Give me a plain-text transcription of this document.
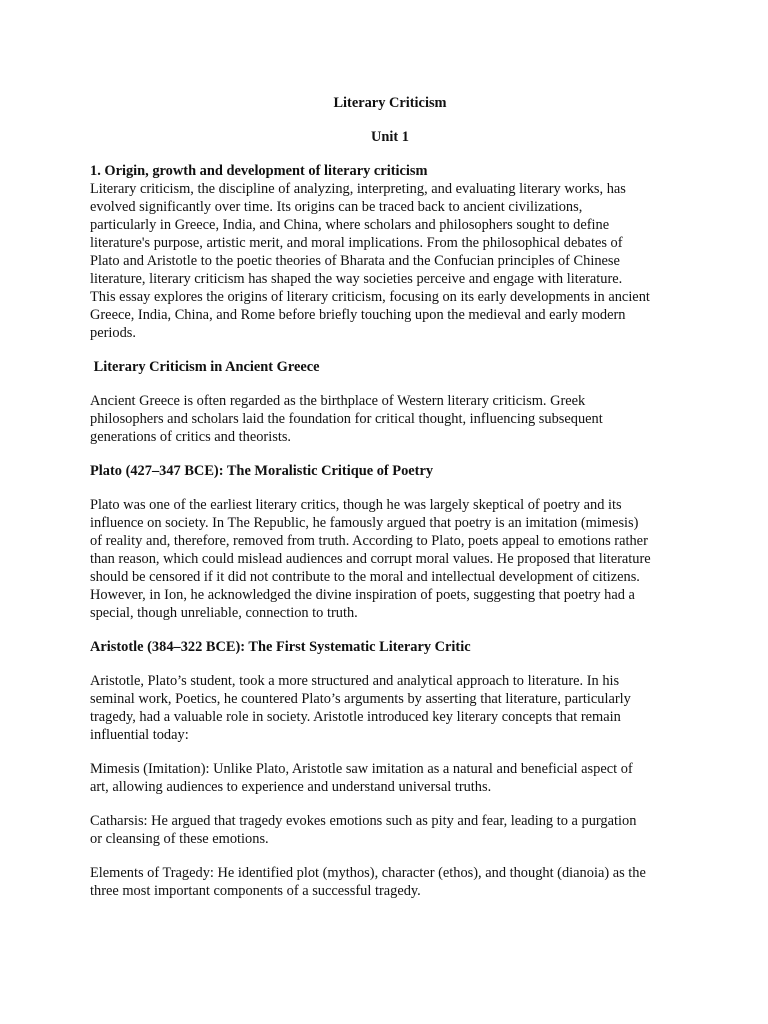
Literary Criticism

Unit 1

1. Origin, growth and development of literary criticism

Literary criticism, the discipline of analyzing, interpreting, and evaluating literary works, has

evolved significantly over time. Its origins can be traced back to ancient civilizations,

particularly in Greece, India, and China, where scholars and philosophers sought to define

literature's purpose, artistic merit, and moral implications. From the philosophical debates of

Plato and Aristotle to the poetic theories of Bharata and the Confucian principles of Chinese

literature, literary criticism has shaped the way societies perceive and engage with literature.

This essay explores the origins of literary criticism, focusing on its early developments in ancient

Greece, India, China, and Rome before briefly touching upon the medieval and early modern

periods.

Literary Criticism in Ancient Greece

Ancient Greece is often regarded as the birthplace of Western literary criticism. Greek

philosophers and scholars laid the foundation for critical thought, influencing subsequent

generations of critics and theorists.

Plato (427–347 BCE): The Moralistic Critique of Poetry

Plato was one of the earliest literary critics, though he was largely skeptical of poetry and its

influence on society. In The Republic, he famously argued that poetry is an imitation (mimesis)

of reality and, therefore, removed from truth. According to Plato, poets appeal to emotions rather

than reason, which could mislead audiences and corrupt moral values. He proposed that literature

should be censored if it did not contribute to the moral and intellectual development of citizens.

However, in Ion, he acknowledged the divine inspiration of poets, suggesting that poetry had a

special, though unreliable, connection to truth.

Aristotle (384–322 BCE): The First Systematic Literary Critic

Aristotle, Plato’s student, took a more structured and analytical approach to literature. In his

seminal work, Poetics, he countered Plato’s arguments by asserting that literature, particularly

tragedy, had a valuable role in society. Aristotle introduced key literary concepts that remain

influential today:

Mimesis (Imitation): Unlike Plato, Aristotle saw imitation as a natural and beneficial aspect of

art, allowing audiences to experience and understand universal truths.

Catharsis: He argued that tragedy evokes emotions such as pity and fear, leading to a purgation

or cleansing of these emotions.

Elements of Tragedy: He identified plot (mythos), character (ethos), and thought (dianoia) as the

three most important components of a successful tragedy.
